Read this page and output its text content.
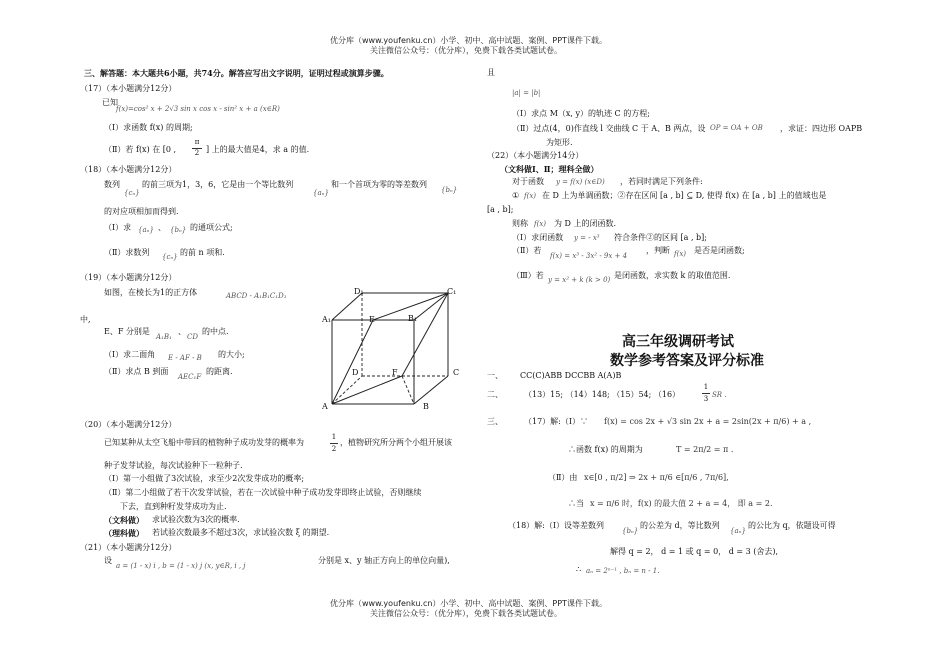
优分库（www.youfenku.cn）小学、初中、高中试题、案例、PPT课件下载。
关注微信公众号：（优分库），免费下载各类试题试卷。
三、解答题：本大题共6小题，共74分。解答应写出文字说明，证明过程或演算步骤。
（17）（本小题满分12分）
已知
f(x)=cos² x + 2√3 sin x cos x - sin² x + a (x∈R)
（Ⅰ）求函数 f(x) 的周期;
（Ⅱ）若 f(x) 在 [0 ,
π
2 ] 上的最大值是4，求 a 的值.
（18）（本小题满分12分）
数列
{cₙ}
的前三项为1，3，6，它是由一个等比数列
{aₙ}
和一个首项为零的等差数列
{bₙ}
的对应项相加而得到.
（Ⅰ）求 {aₙ} 、 {bₙ} 的通项公式;
（Ⅱ）求数列 {cₙ} 的前 n 项和.
（19）（本小题满分12分）
如图，在棱长为1的正方体	ABCD - A₁B₁C₁D₁
中,
E、F 分别是
A₁B₁
、
CD
的中点.
（Ⅰ）求二面角 E - AF - B 的大小;
（Ⅱ）求点 B 到面
AEC₁F
的距离.
D₁	C₁
A₁	E	B₁
D	F	C
A	B
（20）（本小题满分12分）
已知某种从太空飞船中带回的植物种子成功发芽的概率为
1
2
，植物研究所分两个小组开展该
种子发芽试验，每次试验种下一粒种子.
（Ⅰ）第一小组做了3次试验，求至少2次发芽成功的概率;
（Ⅱ）第二小组做了若干次发芽试验，若在一次试验中种子成功发芽即终止试验，否则继续
下去，直到种籽发芽成功为止.
（文科做） 求试验次数为3次的概率.
（理科做） 若试验次数最多不超过3次，求试验次数 ξ 的期望.
（21）（本小题满分12分）
设
a = (1 - x) i , b = (1 - x) j (x, y∈R, i , j
分别是 x、y 轴正方向上的单位向量),
且
|a| = |b|
（Ⅰ）求点 M（x, y）的轨迹 C 的方程;
（Ⅱ）过点(4，0)作直线 l 交曲线 C 于 A、B 两点，设 OP = OA + OB ，求证：四边形 OAPB
为矩形.
（22）（本小题满分14分）
（文科做Ⅰ、Ⅱ；理科全做）
对于函数 y = f(x) (x∈D) ，若同时满足下列条件:
① f(x) 在 D 上为单调函数；②存在区间 [a , b] ⊆ D, 使得 f(x) 在 [a , b] 上的值域也是
[a , b];
则称 f(x) 为 D 上的闭函数.
（Ⅰ）求闭函数 y = - x³ 符合条件②的区间 [a , b];
（Ⅱ）若
f(x) = x³ - 3x² - 9x + 4
，判断 f(x) 是否是闭函数;
（Ⅲ）若 y = x² + k (k > 0) 是闭函数，求实数 k 的取值范围.
高三年级调研考试
数学参考答案及评分标准
一、 CC(C)ABB DCCBB A(A)B
二、	（13）15; （14）148; （15）54; （16）
1
3 SR .
三、	（17）解:（Ⅰ）∵ f(x) = cos 2x + √3 sin 2x + a = 2sin(2x + π/6) + a ,
∴函数 f(x) 的周期为	T = 2π/2 = π .
（Ⅱ）由 x∈[0 , π/2] ⇒ 2x + π/6 ∈[π/6 , 7π/6],
∴当 x = π/6 时，f(x) 的最大值 2 + a = 4， 即 a = 2.
（18）解:（Ⅰ）设等差数列
{bₙ}
的公差为 d，等比数列
{aₙ}
的公比为 q，依题设可得
解得 q = 2， d = 1 或 q = 0， d = 3 (舍去),
∴ aₙ = 2ⁿ⁻¹ , bₙ = n - 1.
优分库（www.youfenku.cn）小学、初中、高中试题、案例、PPT课件下载。
关注微信公众号：（优分库），免费下载各类试题试卷。
